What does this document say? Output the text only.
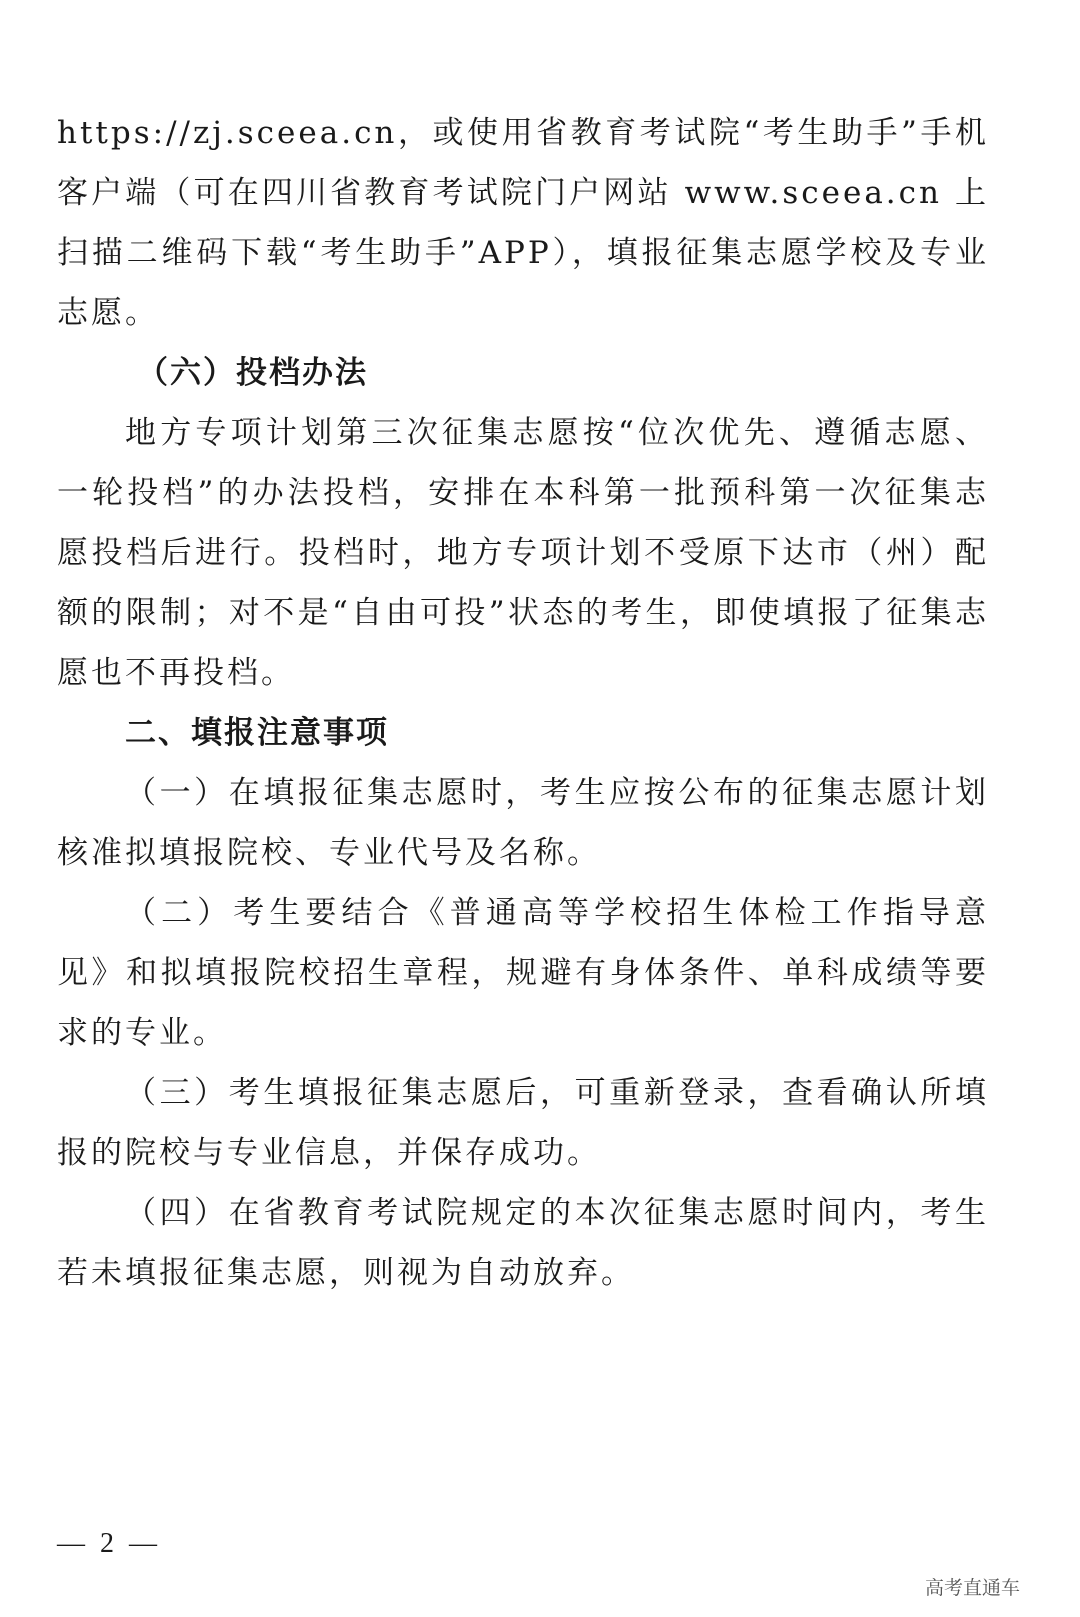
https://zj.sceea.cn，或使用省教育考试院“考生助手”手机客户端（可在四川省教育考试院门户网站 www.sceea.cn 上扫描二维码下载“考生助手”APP），填报征集志愿学校及专业志愿。

（六）投档办法

地方专项计划第三次征集志愿按“位次优先、遵循志愿、一轮投档”的办法投档，安排在本科第一批预科第一次征集志愿投档后进行。投档时，地方专项计划不受原下达市（州）配额的限制；对不是“自由可投”状态的考生，即使填报了征集志愿也不再投档。

二、填报注意事项

（一）在填报征集志愿时，考生应按公布的征集志愿计划核准拟填报院校、专业代号及名称。

（二）考生要结合《普通高等学校招生体检工作指导意见》和拟填报院校招生章程，规避有身体条件、单科成绩等要求的专业。

（三）考生填报征集志愿后，可重新登录，查看确认所填报的院校与专业信息，并保存成功。

（四）在省教育考试院规定的本次征集志愿时间内，考生若未填报征集志愿，则视为自动放弃。

— 2 —
高考直通车
